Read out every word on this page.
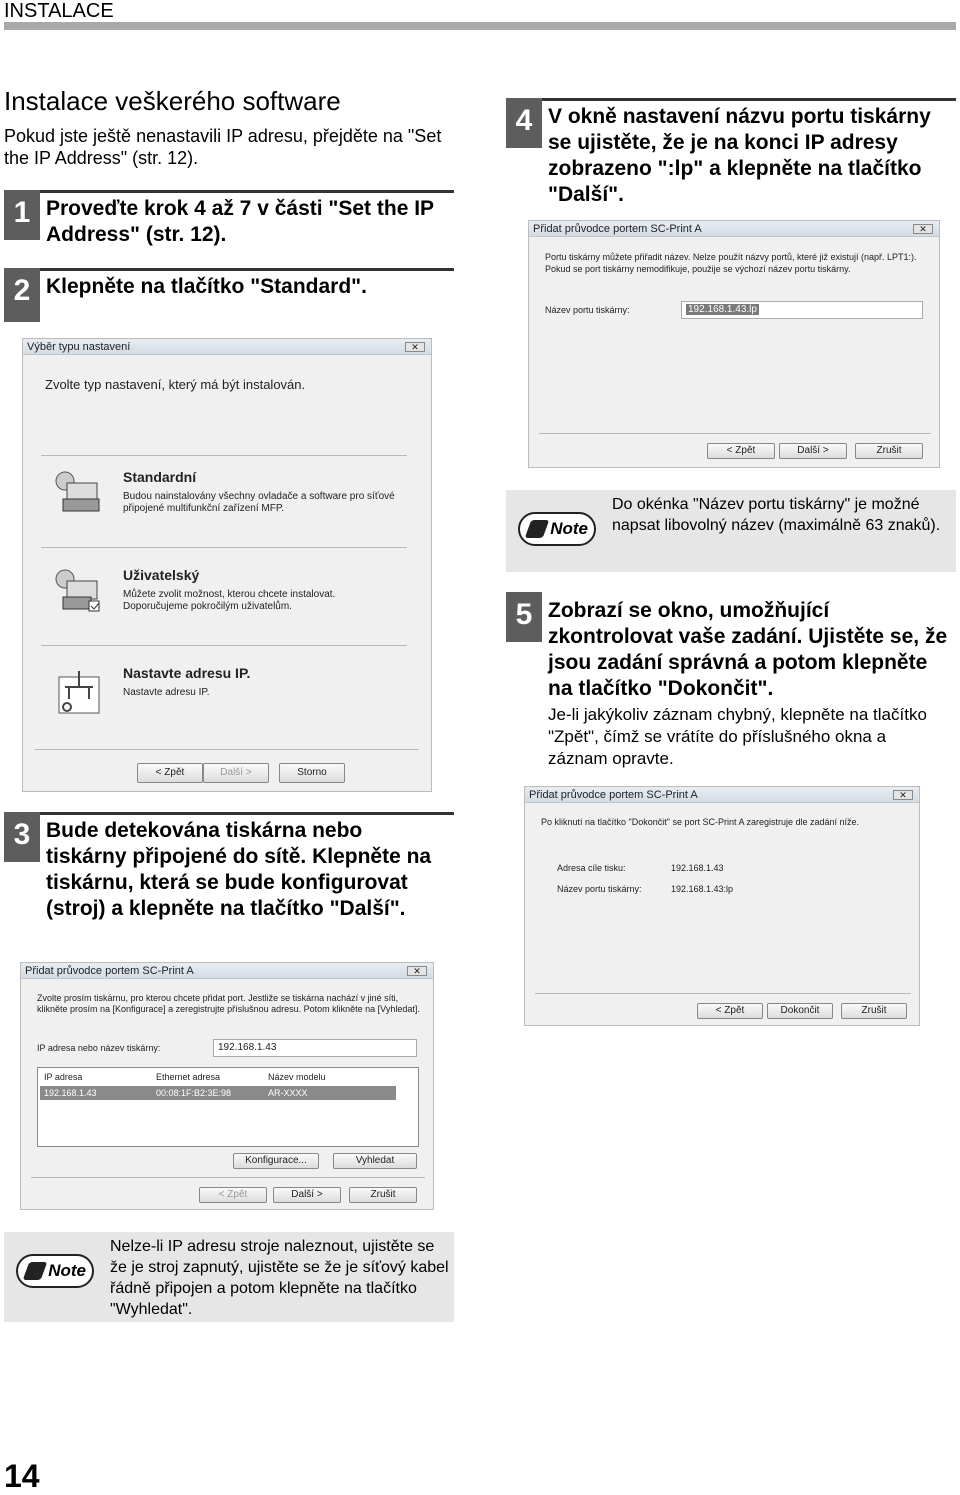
INSTALACE
Instalace veškerého software
Pokud jste ještě nenastavili IP adresu, přejděte na "Set the IP Address" (str. 12).
1 Proveďte krok 4 až 7 v části "Set the IP Address" (str. 12).
2 Klepněte na tlačítko "Standard".
Výběr typu nastavení	✕
Zvolte typ nastavení, který má být instalován.
Standardní
Budou nainstalovány všechny ovladače a software pro síťové připojené multifunkční zařízení MFP.
Uživatelský
Můžete zvolit možnost, kterou chcete instalovat. Doporučujeme pokročilým uživatelům.
Nastavte adresu IP.
Nastavte adresu IP.
< Zpět	Další >	Storno
3 Bude detekována tiskárna nebo tiskárny připojené do sítě. Klepněte na tiskárnu, která se bude konfigurovat (stroj) a klepněte na tlačítko "Další".
Přidat průvodce portem SC-Print A	✕
Zvolte prosím tiskárnu, pro kterou chcete přidat port. Jestliže se tiskárna nachází v jiné síti, klikněte prosím na [Konfigurace] a zeregistrujte příslušnou adresu. Potom klikněte na [Vyhledat].
IP adresa nebo název tiskárny:	192.168.1.43
IP adresa	Ethernet adresa	Název modelu
192.168.1.43	00:08:1F:B2:3E:98	AR-XXXX
Konfigurace...	Vyhledat
< Zpět	Další >	Zrušit
Note
Nelze-li IP adresu stroje naleznout, ujistěte se že je stroj zapnutý, ujistěte se že je síťový kabel řádně připojen a potom klepněte na tlačítko "Wyhledat".
4 V okně nastavení názvu portu tiskárny se ujistěte, že je na konci IP adresy zobrazeno ":lp" a klepněte na tlačítko "Další".
Přidat průvodce portem SC-Print A	✕
Portu tiskárny můžete přiřadit název. Nelze použít názvy portů, které již existují (např. LPT1:). Pokud se port tiskárny nemodifikuje, použije se výchozí název portu tiskárny.
Název portu tiskárny:	192.168.1.43.lp
< Zpět	Další >	Zrušit
Note
Do okénka "Název portu tiskárny" je možné napsat libovolný název (maximálně 63 znaků).
5 Zobrazí se okno, umožňující zkontrolovat vaše zadání. Ujistěte se, že jsou zadání správná a potom klepněte na tlačítko "Dokončit".
Je-li jakýkoliv záznam chybný, klepněte na tlačítko "Zpět", čímž se vrátíte do příslušného okna a záznam opravte.
Přidat průvodce portem SC-Print A	✕
Po kliknutí na tlačítko "Dokončit" se port SC-Print A zaregistruje dle zadání níže.
Adresa cíle tisku:	192.168.1.43
Název portu tiskárny:	192.168.1.43:lp
< Zpět	Dokončit	Zrušit
14
